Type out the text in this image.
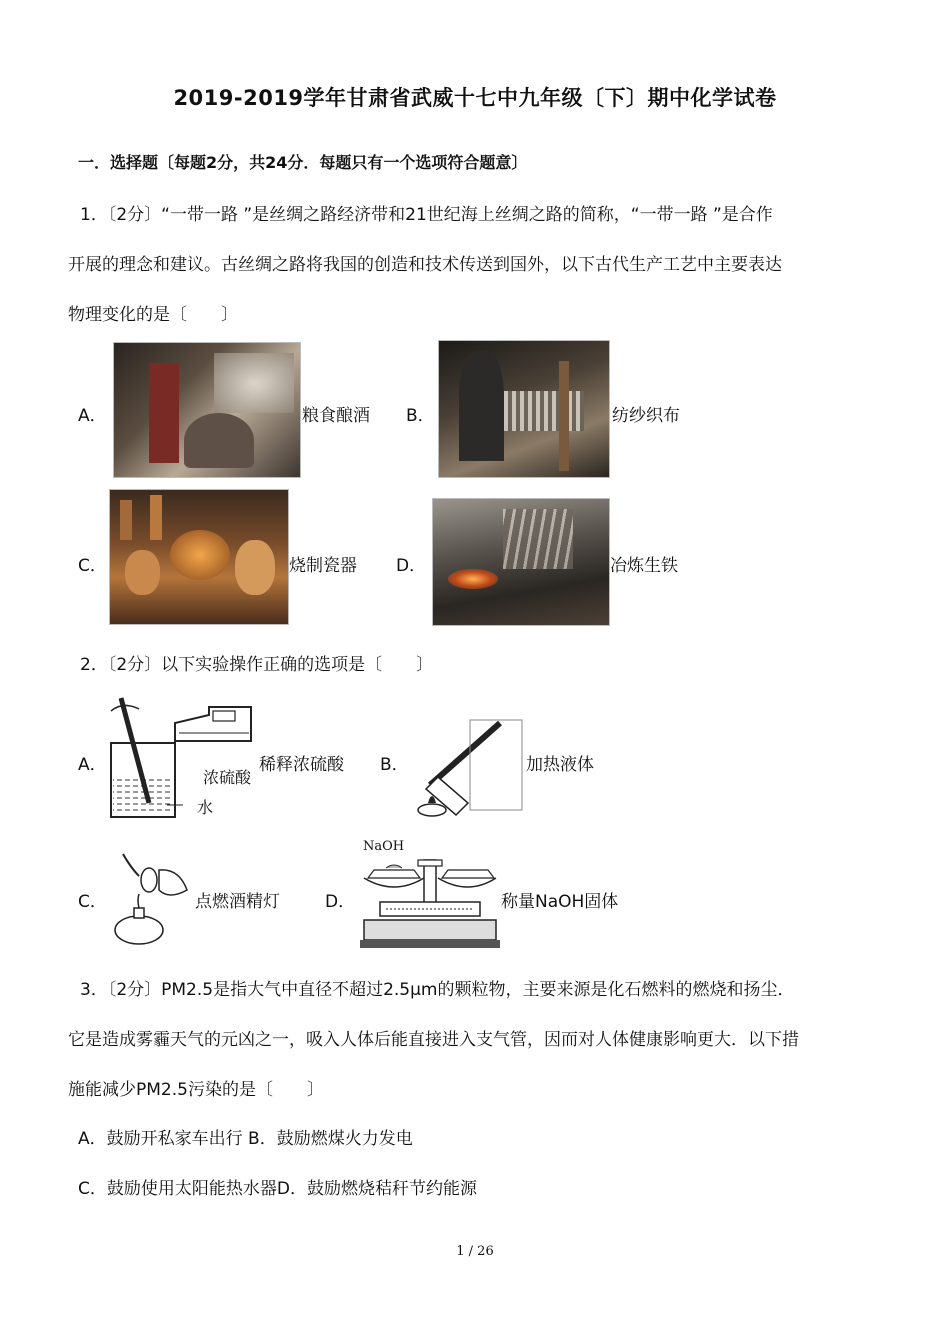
2019-2019学年甘肃省武威十七中九年级〔下〕期中化学试卷
一．选择题〔每题2分，共24分．每题只有一个选项符合题意〕
1．〔2分〕“一带一路 ”是丝绸之路经济带和21世纪海上丝绸之路的简称，“一带一路 ”是合作
开展的理念和建议。古丝绸之路将我国的创造和技术传送到国外，以下古代生产工艺中主要表达
物理变化的是〔　　〕
A．	粮食酿酒 B．	纺纱织布
C．	烧制瓷器 D．	冶炼生铁
2．〔2分〕以下实验操作正确的选项是〔　　〕
A．
浓硫酸
水
稀释浓硫酸 B．	加热液体
C．	点燃酒精灯	D．
NaOH
称量NaOH固体
3．〔2分〕PM2.5是指大气中直径不超过2.5μm的颗粒物，主要来源是化石燃料的燃烧和扬尘．
它是造成雾霾天气的元凶之一，吸入人体后能直接进入支气管，因而对人体健康影响更大．以下措
施能减少PM2.5污染的是〔　　〕
A．鼓励开私家车出行 B．鼓励燃煤火力发电
C．鼓励使用太阳能热水器D．鼓励燃烧秸秆节约能源
1 / 26
